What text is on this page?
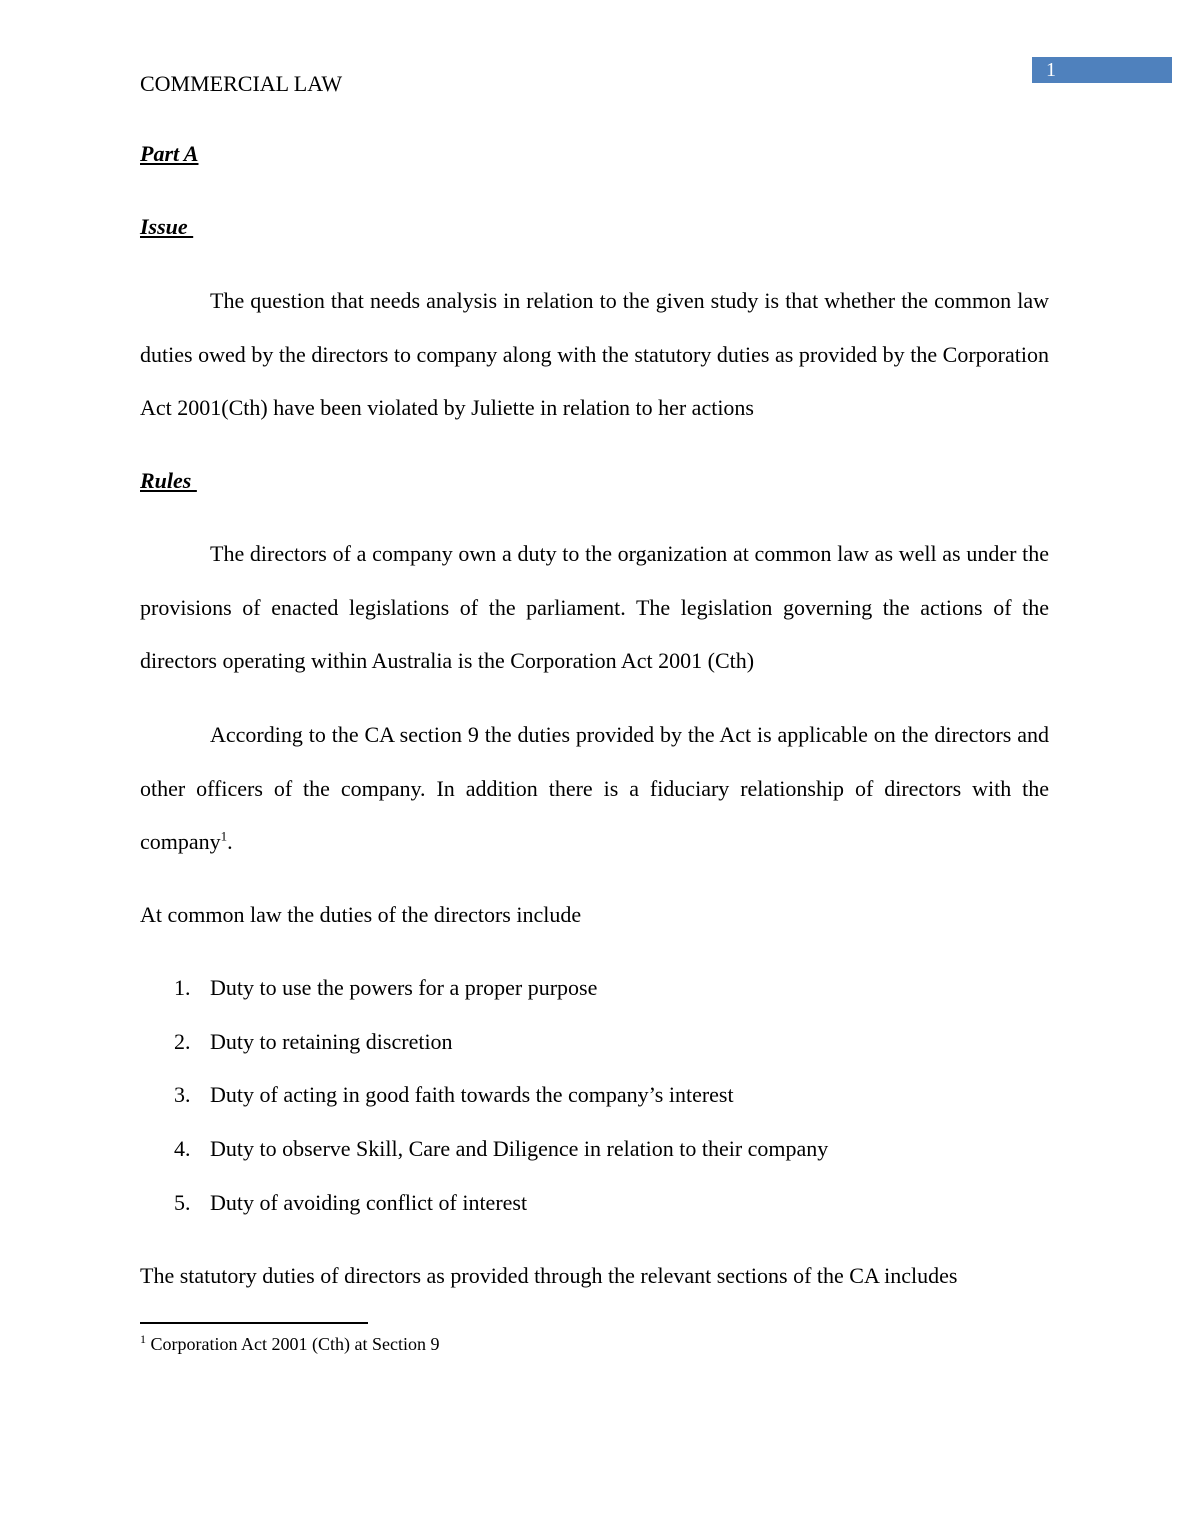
1
COMMERCIAL LAW
Part A
Issue
The question that needs analysis in relation to the given study is that whether the common law duties owed by the directors to company along with the statutory duties as provided by the Corporation Act 2001(Cth) have been violated by Juliette in relation to her actions
Rules
The directors of a company own a duty to the organization at common law as well as under the provisions of enacted legislations of the parliament. The legislation governing the actions of the directors operating within Australia is the Corporation Act 2001 (Cth)
According to the CA section 9 the duties provided by the Act is applicable on the directors and other officers of the company. In addition there is a fiduciary relationship of directors with the company$^1$.
At common law the duties of the directors include
1. Duty to use the powers for a proper purpose
2. Duty to retaining discretion
3. Duty of acting in good faith towards the company’s interest
4. Duty to observe Skill, Care and Diligence in relation to their company
5. Duty of avoiding conflict of interest
The statutory duties of directors as provided through the relevant sections of the CA includes
$^1$ Corporation Act 2001 (Cth) at Section 9
